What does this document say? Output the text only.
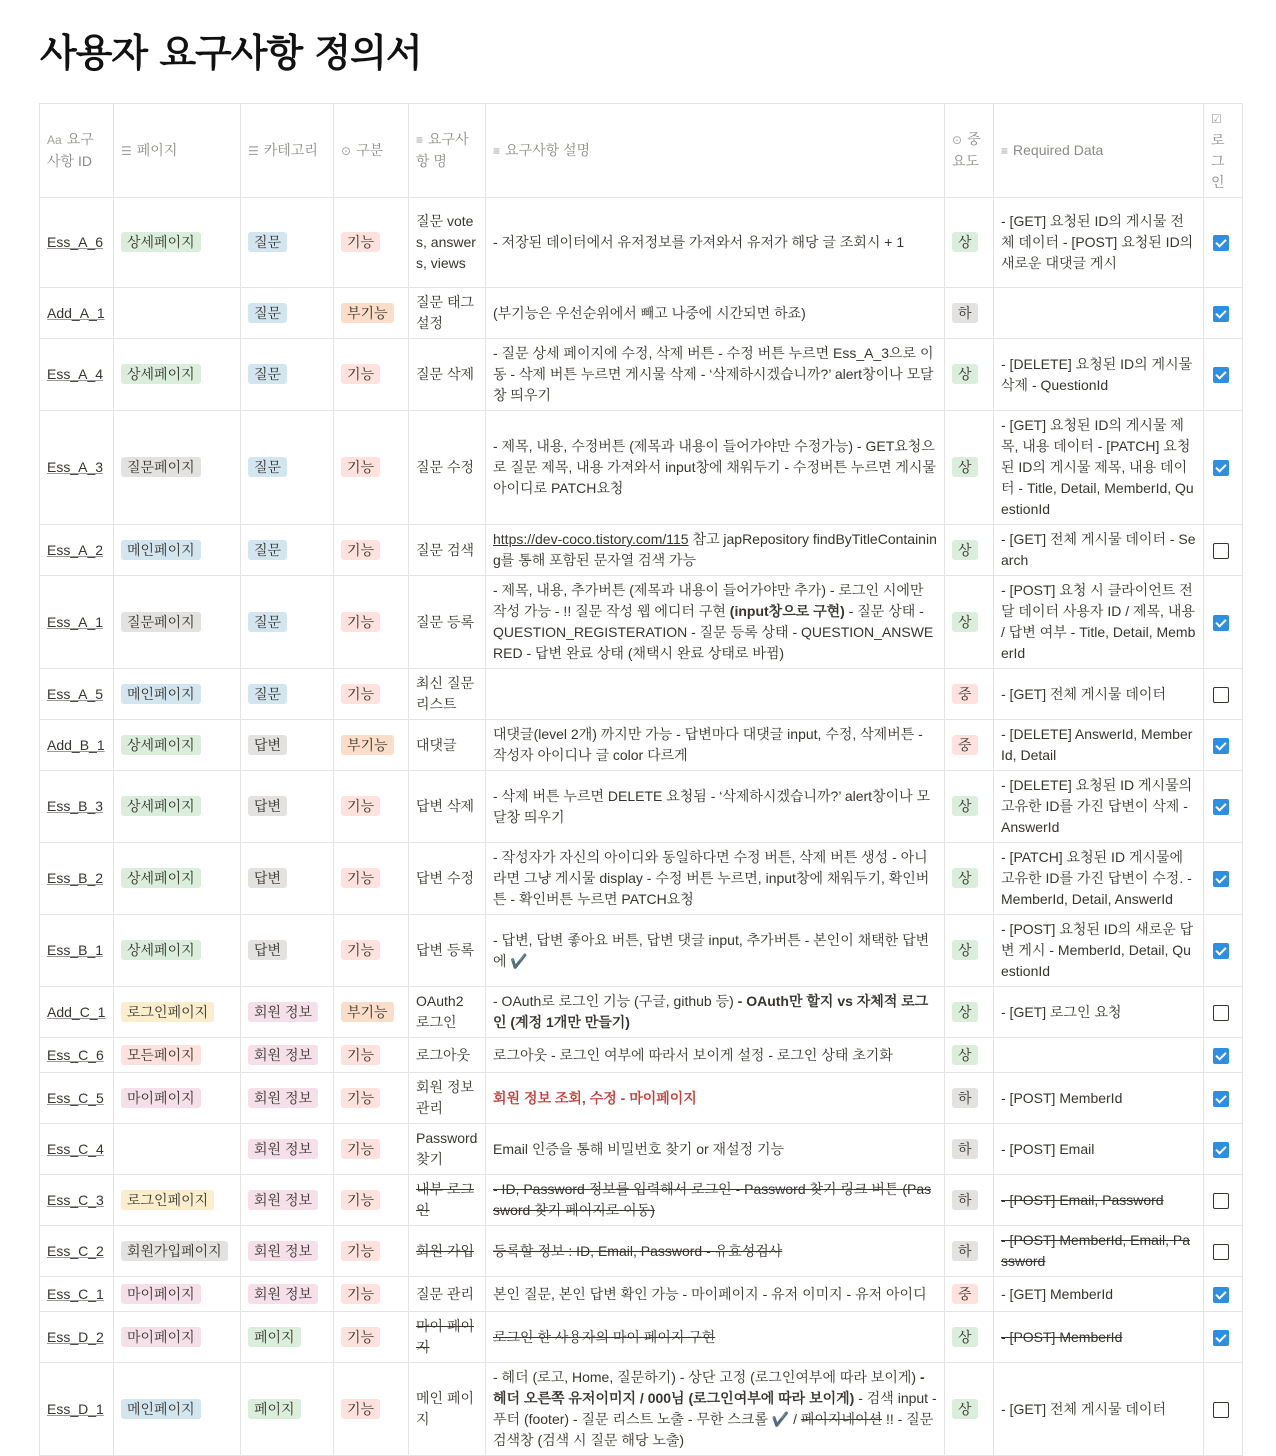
사용자 요구사항 정의서
Aa 요구사항 ID	☰ 페이지	☰ 카테고리	⊙ 구분	≡ 요구사항 명	≡ 요구사항 설명	⊙ 중요도	≡ Required Data	☑로그인
Ess_A_6	상세페이지	질문	기능	질문 votes, answers, views	- 저장된 데이터에서 유저정보를 가져와서 유저가 해당 글 조회시 + 1	상	- [GET] 요청된 ID의 게시물 전체 데이터 - [POST] 요청된 ID의 새로운 대댓글 게시	
Add_A_1		질문	부기능	질문 태그 설정	(부기능은 우선순위에서 빼고 나중에 시간되면 하죠)	하		
Ess_A_4	상세페이지	질문	기능	질문 삭제	- 질문 상세 페이지에 수정, 삭제 버튼 - 수정 버튼 누르면 Ess_A_3으로 이동 - 삭제 버튼 누르면 게시물 삭제 - ‘삭제하시겠습니까?’ alert창이나 모달창 띄우기	상	- [DELETE] 요청된 ID의 게시물 삭제 - QuestionId	
Ess_A_3	질문페이지	질문	기능	질문 수정	- 제목, 내용, 수정버튼 (제목과 내용이 들어가야만 수정가능) - GET요청으로 질문 제목, 내용 가져와서 input창에 채워두기 - 수정버튼 누르면 게시물 아이디로 PATCH요청	상	- [GET] 요청된 ID의 게시물 제목, 내용 데이터 - [PATCH] 요청된 ID의 게시물 제목, 내용 데이터 - Title, Detail, MemberId, QuestionId	
Ess_A_2	메인페이지	질문	기능	질문 검색	https://dev-coco.tistory.com/115 참고 japRepository findByTitleContaining를 통해 포함된 문자열 검색 가능	상	- [GET] 전체 게시물 데이터 - Search	
Ess_A_1	질문페이지	질문	기능	질문 등록	- 제목, 내용, 추가버튼 (제목과 내용이 들어가야만 추가) - 로그인 시에만 작성 가능 - !! 질문 작성 웹 에디터 구현 (input창으로 구현) - 질문 상태 - QUESTION_REGISTERATION - 질문 등록 상태 - QUESTION_ANSWERED - 답변 완료 상태 (채택시 완료 상태로 바뀜)	상	- [POST] 요청 시 클라이언트 전달 데이터 사용자 ID / 제목, 내용 / 답변 여부 - Title, Detail, MemberId	
Ess_A_5	메인페이지	질문	기능	최신 질문 리스트		중	- [GET] 전체 게시물 데이터	
Add_B_1	상세페이지	답변	부기능	대댓글	대댓글(level 2개) 까지만 가능 - 답변마다 대댓글 input, 수정, 삭제버튼 - 작성자 아이디나 글 color 다르게	중	- [DELETE] AnswerId, MemberId, Detail	
Ess_B_3	상세페이지	답변	기능	답변 삭제	- 삭제 버튼 누르면 DELETE 요청됨 - ‘삭제하시겠습니까?’ alert창이나 모달창 띄우기	상	- [DELETE] 요청된 ID 게시물의 고유한 ID를 가진 답변이 삭제 - AnswerId	
Ess_B_2	상세페이지	답변	기능	답변 수정	- 작성자가 자신의 아이디와 동일하다면 수정 버튼, 삭제 버튼 생성 - 아니라면 그냥 게시물 display - 수정 버튼 누르면, input창에 채워두기, 확인버튼 - 확인버튼 누르면 PATCH요청	상	- [PATCH] 요청된 ID 게시물에 고유한 ID를 가진 답변이 수정. - MemberId, Detail, AnswerId	
Ess_B_1	상세페이지	답변	기능	답변 등록	- 답변, 답변 좋아요 버튼, 답변 댓글 input, 추가버튼 - 본인이 채택한 답변에 ✔️	상	- [POST] 요청된 ID의 새로운 답변 게시 - MemberId, Detail, QuestionId	
Add_C_1	로그인페이지	회원 정보	부기능	OAuth2 로그인	- OAuth로 로그인 기능 (구글, github 등) - OAuth만 할지 vs 자체적 로그인 (계정 1개만 만들기)	상	- [GET] 로그인 요청	
Ess_C_6	모든페이지	회원 정보	기능	로그아웃	로그아웃 - 로그인 여부에 따라서 보이게 설정 - 로그인 상태 초기화	상		
Ess_C_5	마이페이지	회원 정보	기능	회원 정보 관리	회원 정보 조회, 수정 - 마이페이지	하	- [POST] MemberId	
Ess_C_4		회원 정보	기능	Password 찾기	Email 인증을 통해 비밀번호 찾기 or 재설정 기능	하	- [POST] Email	
Ess_C_3	로그인페이지	회원 정보	기능	내부 로그인	- ID, Password 정보를 입력해서 로그인 - Password 찾기 링크 버튼 (Password 찾기 페이지로 이동)	하	- [POST] Email, Password	
Ess_C_2	회원가입페이지	회원 정보	기능	회원 가입	등록할 정보 : ID, Email, Password - 유효성검사	하	- [POST] MemberId, Email, Password	
Ess_C_1	마이페이지	회원 정보	기능	질문 관리	본인 질문, 본인 답변 확인 가능 - 마이페이지 - 유저 이미지 - 유저 아이디	중	- [GET] MemberId	
Ess_D_2	마이페이지	페이지	기능	마이 페이지	로그인 한 사용자의 마이 페이지 구현	상	- [POST] MemberId	
Ess_D_1	메인페이지	페이지	기능	메인 페이지	- 헤더 (로고, Home, 질문하기) - 상단 고정 (로그인여부에 따라 보이게) - 헤더 오른쪽 유저이미지 / 000님 (로그인여부에 따라 보이게) - 검색 input - 푸터 (footer) - 질문 리스트 노출 - 무한 스크롤 ✔️ / 페이지네이션 !! - 질문 검색창 (검색 시 질문 해당 노출)	상	- [GET] 전체 게시물 데이터	
